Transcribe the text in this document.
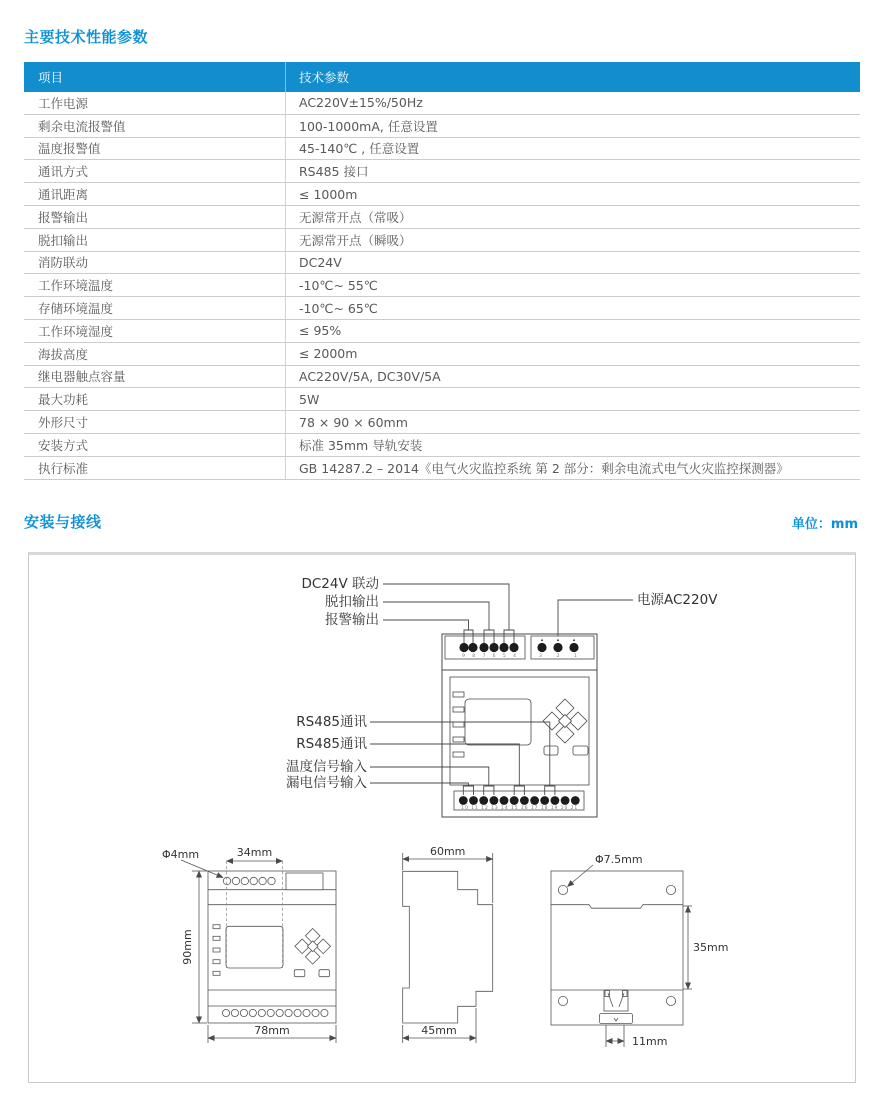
主要技术性能参数
项目	技术参数
工作电源	AC220V±15%/50Hz
剩余电流报警值	100-1000mA, 任意设置
温度报警值	45-140℃ , 任意设置
通讯方式	RS485 接口
通讯距离	≤ 1000m
报警输出	无源常开点（常吸）
脱扣输出	无源常开点（瞬吸）
消防联动	DC24V
工作环境温度	-10℃~ 55℃
存储环境温度	-10℃~ 65℃
工作环境湿度	≤ 95%
海拔高度	≤ 2000m
继电器触点容量	AC220V/5A, DC30V/5A
最大功耗	5W
外形尺寸	78 × 90 × 60mm
安装方式	标准 35mm 导轨安装
执行标准	GB 14287.2 – 2014《电气火灾监控系统 第 2 部分：剩余电流式电气火灾监控探测器》
安装与接线	单位：mm
9 8 7 6 5 4	3 2 1
10 11 12 13 14 15 16 17 18 19 20 21
DC24V 联动
脱扣输出
报警输出
电源AC220V
RS485通讯
RS485通讯
温度信号输入
漏电信号输入
34mm
Φ4mm
90mm
78mm
60mm
45mm
Φ7.5mm
35mm
11mm
